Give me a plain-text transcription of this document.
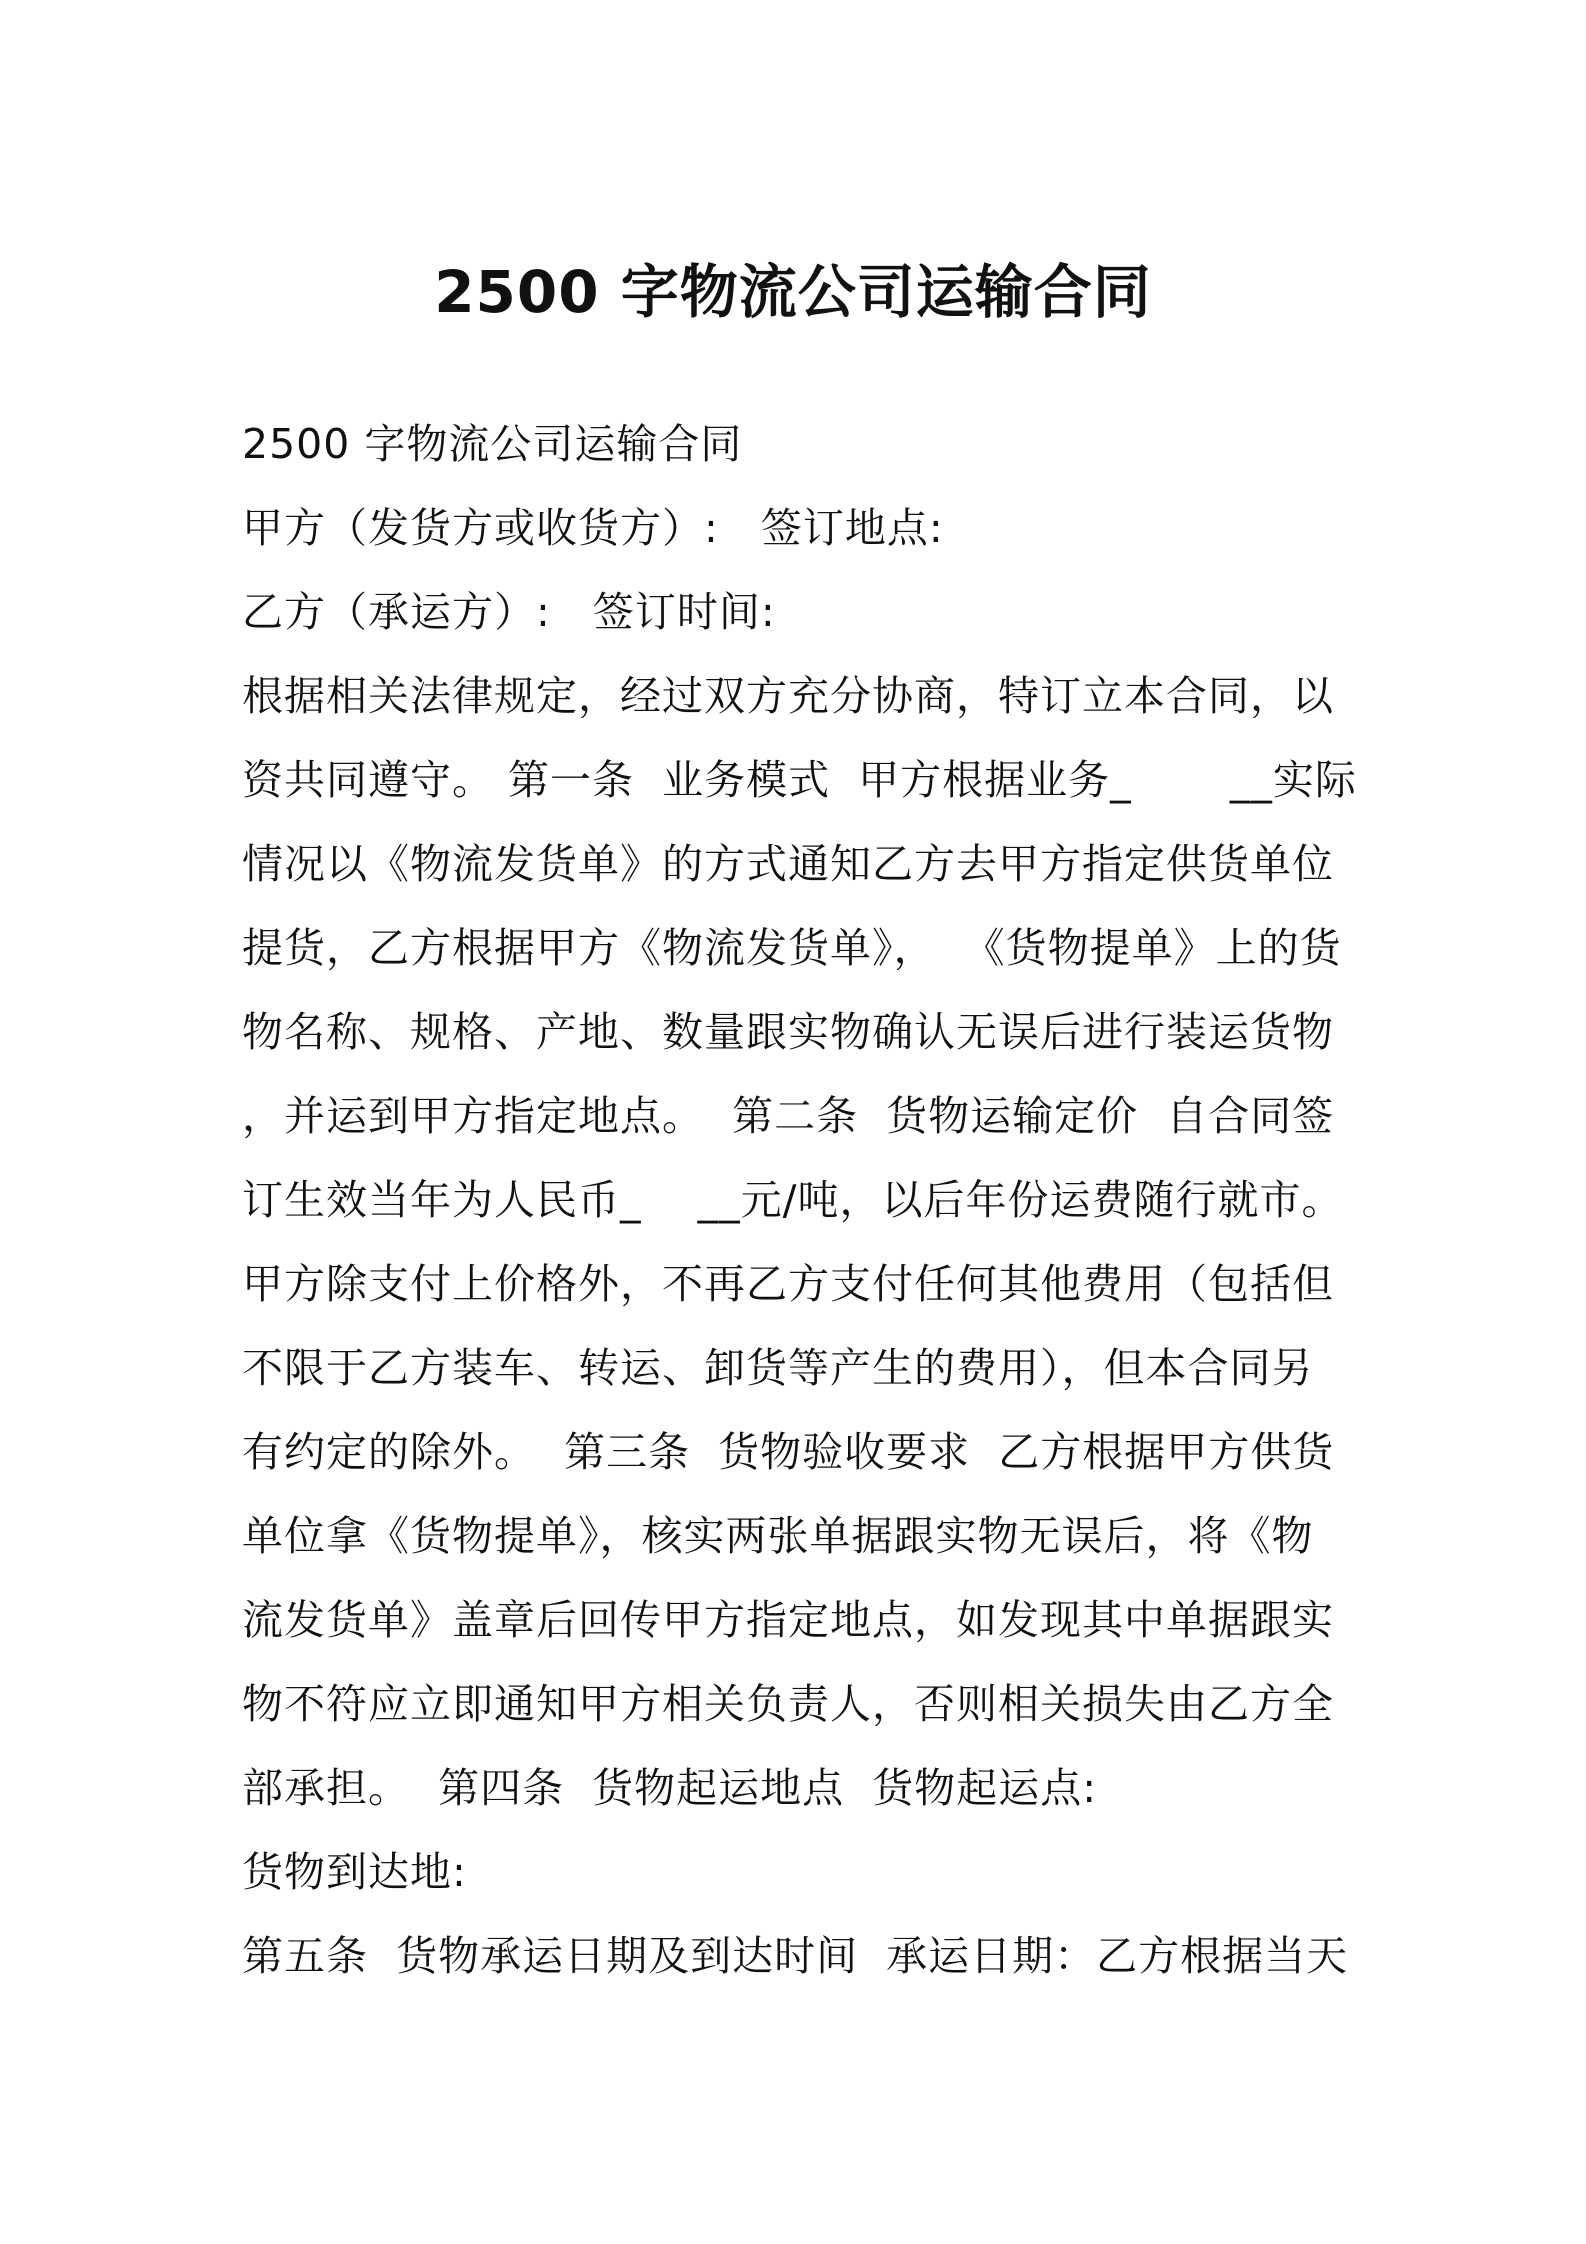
2500 字物流公司运输合同
2500 字物流公司运输合同
甲方（发货方或收货方）:   签订地点:
乙方（承运方）:   签订时间:
根据相关法律规定，经过双方充分协商，特订立本合同，以
资共同遵守。 第一条  业务模式  甲方根据业务_       __实际
情况以《物流发货单》的方式通知乙方去甲方指定供货单位
提货，乙方根据甲方《物流发货单》，  《货物提单》上的货
物名称、规格、产地、数量跟实物确认无误后进行装运货物
，并运到甲方指定地点。  第二条  货物运输定价  自合同签
订生效当年为人民币_    __元/吨，以后年份运费随行就市。
甲方除支付上价格外，不再乙方支付任何其他费用（包括但
不限于乙方装车、转运、卸货等产生的费用），但本合同另
有约定的除外。  第三条  货物验收要求  乙方根据甲方供货
单位拿《货物提单》，核实两张单据跟实物无误后，将《物
流发货单》盖章后回传甲方指定地点，如发现其中单据跟实
物不符应立即通知甲方相关负责人，否则相关损失由乙方全
部承担。  第四条  货物起运地点  货物起运点:
货物到达地:
第五条  货物承运日期及到达时间  承运日期：乙方根据当天
